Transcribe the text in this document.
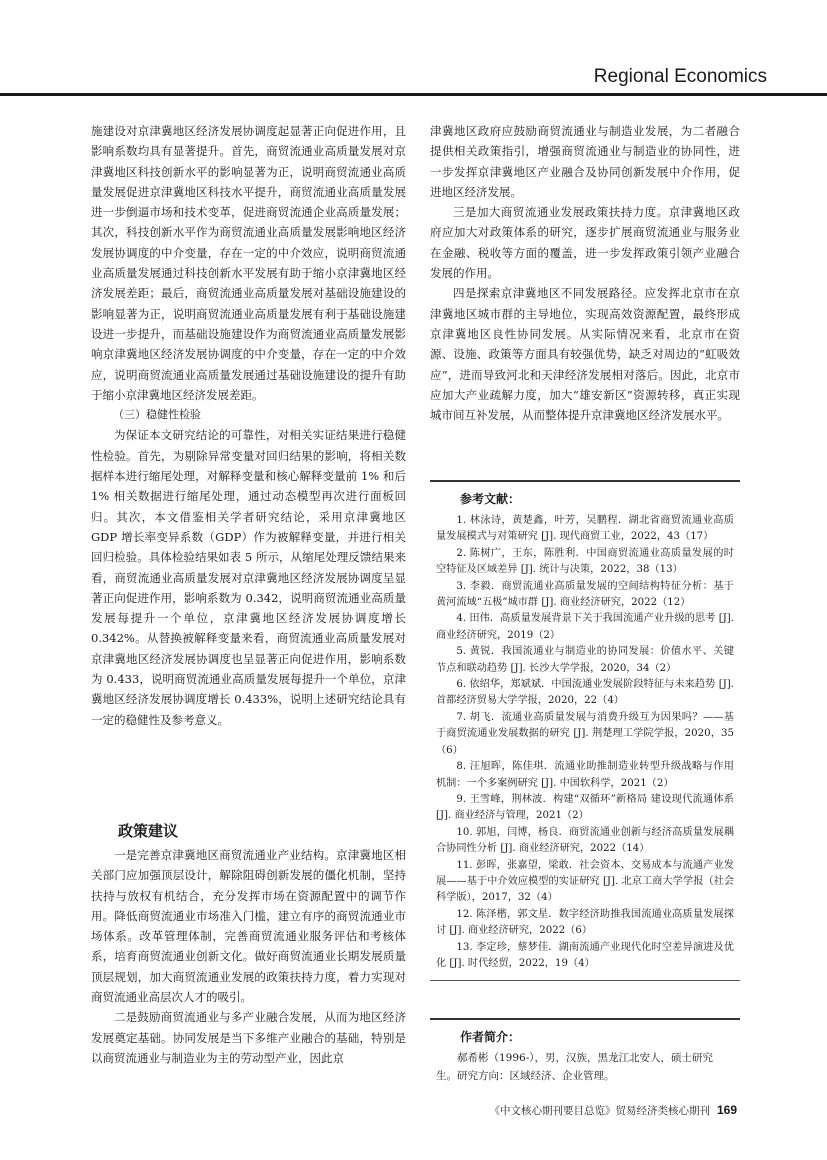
Regional Economics

施建设对京津冀地区经济发展协调度起显著正向促进作用，且影响系数均具有显著提升。首先，商贸流通业高质量发展对京津冀地区科技创新水平的影响显著为正，说明商贸流通业高质量发展促进京津冀地区科技水平提升，商贸流通业高质量发展进一步倒逼市场和技术变革，促进商贸流通企业高质量发展；其次，科技创新水平作为商贸流通业高质量发展影响地区经济发展协调度的中介变量，存在一定的中介效应，说明商贸流通业高质量发展通过科技创新水平发展有助于缩小京津冀地区经济发展差距；最后，商贸流通业高质量发展对基础设施建设的影响显著为正，说明商贸流通业高质量发展有利于基础设施建设进一步提升，而基础设施建设作为商贸流通业高质量发展影响京津冀地区经济发展协调度的中介变量，存在一定的中介效应，说明商贸流通业高质量发展通过基础设施建设的提升有助于缩小京津冀地区经济发展差距。

（三）稳健性检验

为保证本文研究结论的可靠性，对相关实证结果进行稳健性检验。首先，为剔除异常变量对回归结果的影响，将相关数据样本进行缩尾处理，对解释变量和核心解释变量前 1% 和后 1% 相关数据进行缩尾处理，通过动态模型再次进行面板回归。其次，本文借鉴相关学者研究结论，采用京津冀地区 GDP 增长率变异系数（GDP）作为被解释变量，并进行相关回归检验。具体检验结果如表 5 所示，从缩尾处理反馈结果来看，商贸流通业高质量发展对京津冀地区经济发展协调度呈显著正向促进作用，影响系数为 0.342，说明商贸流通业高质量发展每提升一个单位，京津冀地区经济发展协调度增长 0.342%。从替换被解释变量来看，商贸流通业高质量发展对京津冀地区经济发展协调度也呈显著正向促进作用，影响系数为 0.433，说明商贸流通业高质量发展每提升一个单位，京津冀地区经济发展协调度增长 0.433%，说明上述研究结论具有一定的稳健性及参考意义。

政策建议

一是完善京津冀地区商贸流通业产业结构。京津冀地区相关部门应加强顶层设计，解除阻碍创新发展的僵化机制，坚持扶持与放权有机结合，充分发挥市场在资源配置中的调节作用。降低商贸流通业市场准入门槛，建立有序的商贸流通业市场体系。改革管理体制，完善商贸流通业服务评估和考核体系，培育商贸流通业创新文化。做好商贸流通业长期发展质量顶层规划，加大商贸流通业发展的政策扶持力度，着力实现对商贸流通业高层次人才的吸引。

二是鼓励商贸流通业与多产业融合发展，从而为地区经济发展奠定基础。协同发展是当下多维产业融合的基础，特别是以商贸流通业与制造业为主的劳动型产业，因此京

津冀地区政府应鼓励商贸流通业与制造业发展，为二者融合提供相关政策指引，增强商贸流通业与制造业的协同性，进一步发挥京津冀地区产业融合及协同创新发展中介作用，促进地区经济发展。

三是加大商贸流通业发展政策扶持力度。京津冀地区政府应加大对政策体系的研究，逐步扩展商贸流通业与服务业在金融、税收等方面的覆盖，进一步发挥政策引领产业融合发展的作用。

四是探索京津冀地区不同发展路径。应发挥北京市在京津冀地区城市群的主导地位，实现高效资源配置，最终形成京津冀地区良性协同发展。从实际情况来看，北京市在资源、设施、政策等方面具有较强优势，缺乏对周边的“虹吸效应”，进而导致河北和天津经济发展相对落后。因此，北京市应加大产业疏解力度，加大“雄安新区”资源转移，真正实现城市间互补发展，从而整体提升京津冀地区经济发展水平。

参考文献：

1. 林泳诗，黄楚鑫，叶芳，吴鹏程．湖北省商贸流通业高质量发展模式与对策研究 [J]. 现代商贸工业，2022，43（17）

2. 陈树广，王东，陈胜利．中国商贸流通业高质量发展的时空特征及区域差异 [J]. 统计与决策，2022，38（13）

3. 李毅．商贸流通业高质量发展的空间结构特征分析：基于黄河流域“五极”城市群 [J]. 商业经济研究，2022（12）

4. 田伟．高质量发展背景下关于我国流通产业升级的思考 [J]. 商业经济研究，2019（2）

5. 黄锐．我国流通业与制造业的协同发展：价值水平、关键节点和联动趋势 [J]. 长沙大学学报，2020，34（2）

6. 依绍华，郑斌斌．中国流通业发展阶段特征与未来趋势 [J]. 首都经济贸易大学学报，2020，22（4）

7. 胡飞．流通业高质量发展与消费升级互为因果吗？——基于商贸流通业发展数据的研究 [J]. 荆楚理工学院学报，2020，35（6）

8. 汪旭晖，陈佳琪．流通业助推制造业转型升级战略与作用机制：一个多案例研究 [J]. 中国软科学，2021（2）

9. 王雪峰，荆林波．构建“双循环”新格局 建设现代流通体系 [J]. 商业经济与管理，2021（2）

10. 郭旭，闫博，杨良．商贸流通业创新与经济高质量发展耦合协同性分析 [J]. 商业经济研究，2022（14）

11. 彭晖，张嘉望，梁敢．社会资本、交易成本与流通产业发展——基于中介效应模型的实证研究 [J]. 北京工商大学学报（社会科学版），2017，32（4）

12. 陈泽楷，郭文星．数字经济助推我国流通业高质量发展探讨 [J]. 商业经济研究，2022（6）

13. 李定珍，蔡梦佳．湖南流通产业现代化时空差异演进及优化 [J]. 时代经贸，2022，19（4）

作者简介：

郝希彬（1996-），男，汉族，黑龙江北安人，硕士研究生。研究方向：区域经济、企业管理。

《中文核心期刊要目总览》贸易经济类核心期刊 169
